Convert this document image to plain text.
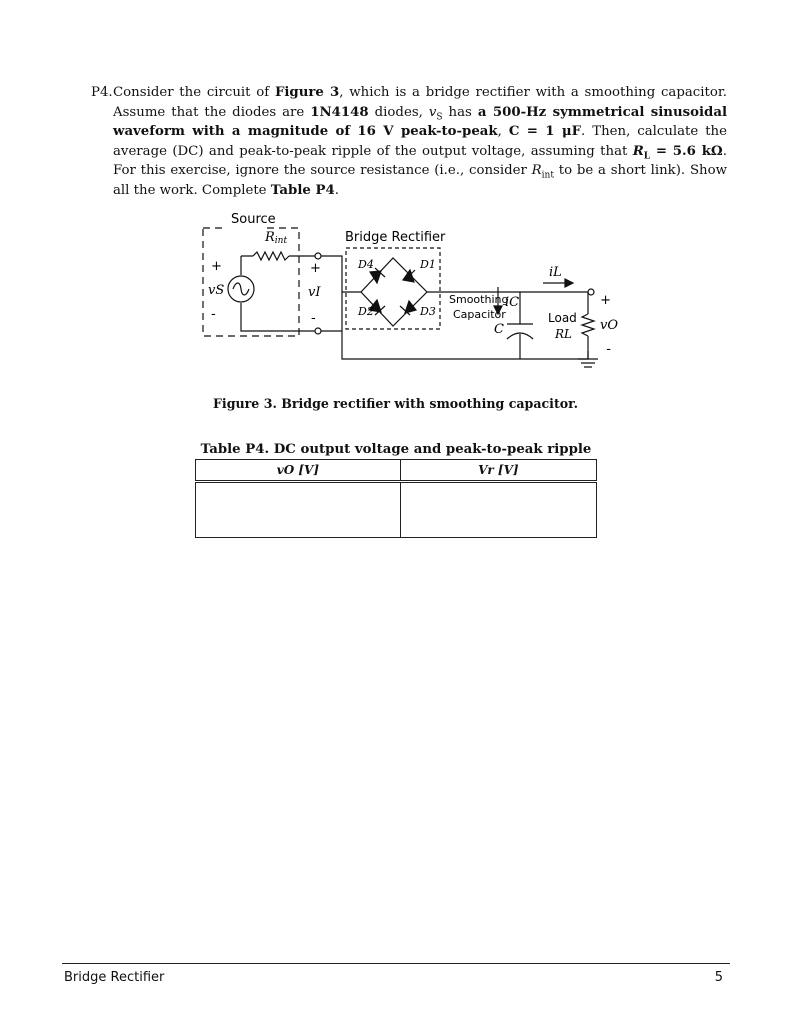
P4. Consider the circuit of Figure 3, which is a bridge rectifier with a smoothing capacitor. Assume that the diodes are 1N4148 diodes, $v_S$ has a 500-Hz symmetrical sinusoidal waveform with a magnitude of 16 V peak-to-peak, C = 1 μF. Then, calculate the average (DC) and peak-to-peak ripple of the output voltage, assuming that $R_L = 5.6$ kΩ. For this exercise, ignore the source resistance (i.e., consider $R_{int}$ to be a short link). Show all the work. Complete Table P4.
Source
Rint	Bridge Rectifier
+
-
vS
+
vI
-
D4	D1
D2	D3
Smoothing
Capacitor
C
iC
iL
Load
RL
+
vO
-
Figure 3. Bridge rectifier with smoothing capacitor.
Table P4. DC output voltage and peak-to-peak ripple
vO [V]	Vr [V]

Bridge Rectifier	5
